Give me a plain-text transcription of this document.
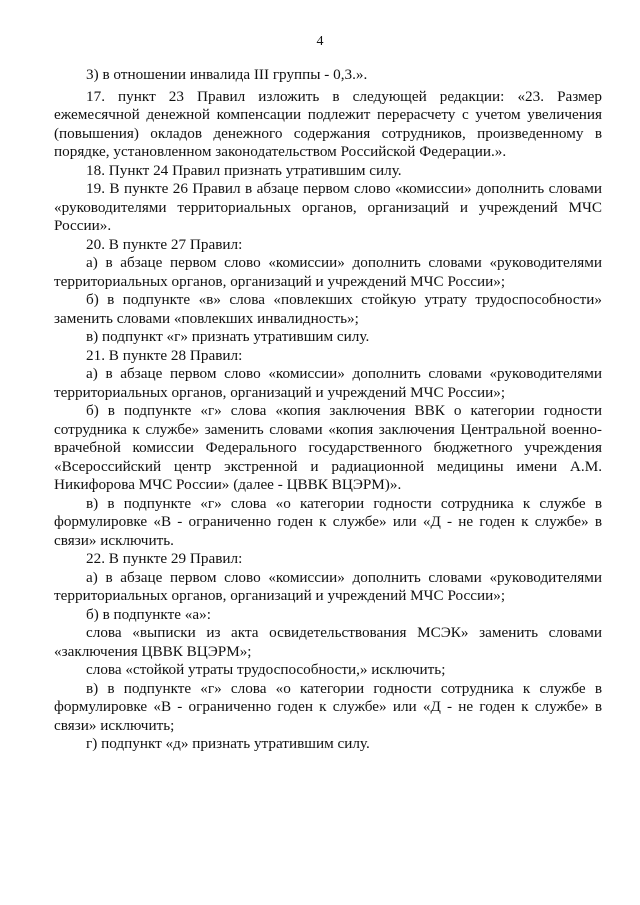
4

3) в отношении инвалида III группы - 0,3.».

17. пункт 23 Правил изложить в следующей редакции: «23. Размер ежемесячной денежной компенсации подлежит перерасчету с учетом увеличения (повышения) окладов денежного содержания сотрудников, произведенному в порядке, установленном законодательством Российской Федерации.».

18. Пункт 24 Правил признать утратившим силу.

19. В пункте 26 Правил в абзаце первом слово «комиссии» дополнить словами «руководителями территориальных органов, организаций и учреждений МЧС России».

20. В пункте 27 Правил:

а) в абзаце первом слово «комиссии» дополнить словами «руководителями территориальных органов, организаций и учреждений МЧС России»;

б) в подпункте «в» слова «повлекших стойкую утрату трудоспособности» заменить словами «повлекших инвалидность»;

в) подпункт «г» признать утратившим силу.

21. В пункте 28 Правил:

а) в абзаце первом слово «комиссии» дополнить словами «руководителями территориальных органов, организаций и учреждений МЧС России»;

б) в подпункте «г» слова «копия заключения ВВК о категории годности сотрудника к службе» заменить словами «копия заключения Центральной военно-врачебной комиссии Федерального государственного бюджетного учреждения «Всероссийский центр экстренной и радиационной медицины имени А.М. Никифорова МЧС России» (далее - ЦВВК ВЦЭРМ)».

в) в подпункте «г» слова «о категории годности сотрудника к службе в формулировке «В - ограниченно годен к службе» или «Д - не годен к службе» в связи» исключить.

22. В пункте 29 Правил:

а) в абзаце первом слово «комиссии» дополнить словами «руководителями территориальных органов, организаций и учреждений МЧС России»;

б) в подпункте «а»:

слова «выписки из акта освидетельствования МСЭК» заменить словами «заключения ЦВВК ВЦЭРМ»;

слова «стойкой утраты трудоспособности,» исключить;

в) в подпункте «г» слова «о категории годности сотрудника к службе в формулировке «В - ограниченно годен к службе» или «Д - не годен к службе» в связи» исключить;

г) подпункт «д» признать утратившим силу.
